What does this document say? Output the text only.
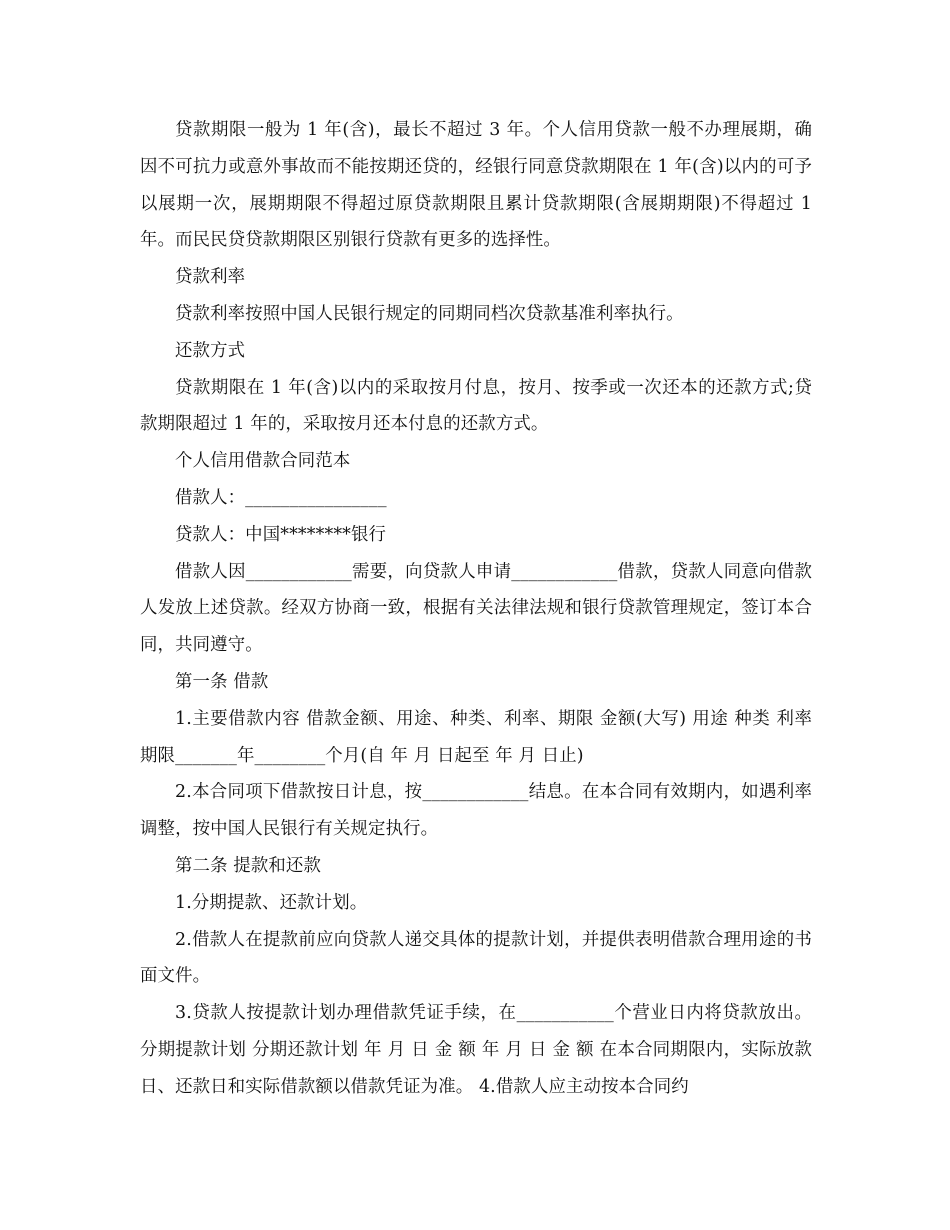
贷款期限一般为 1 年(含)，最长不超过 3 年。个人信用贷款一般不办理展期，确因不可抗力或意外事故而不能按期还贷的，经银行同意贷款期限在 1 年(含)以内的可予以展期一次，展期期限不得超过原贷款期限且累计贷款期限(含展期期限)不得超过 1 年。而民民贷贷款期限区别银行贷款有更多的选择性。

贷款利率

贷款利率按照中国人民银行规定的同期同档次贷款基准利率执行。

还款方式

贷款期限在 1 年(含)以内的采取按月付息，按月、按季或一次还本的还款方式;贷款期限超过 1 年的，采取按月还本付息的还款方式。

个人信用借款合同范本

借款人：________________

贷款人：中国********银行

借款人因____________需要，向贷款人申请____________借款，贷款人同意向借款人发放上述贷款。经双方协商一致，根据有关法律法规和银行贷款管理规定，签订本合同，共同遵守。

第一条 借款

1.主要借款内容 借款金额、用途、种类、利率、期限 金额(大写) 用途 种类 利率 期限_______年________个月(自 年 月 日起至 年 月 日止)

2.本合同项下借款按日计息，按____________结息。在本合同有效期内，如遇利率调整，按中国人民银行有关规定执行。

第二条 提款和还款

1.分期提款、还款计划。

2.借款人在提款前应向贷款人递交具体的提款计划，并提供表明借款合理用途的书面文件。

3.贷款人按提款计划办理借款凭证手续，在___________个营业日内将贷款放出。 分期提款计划 分期还款计划 年 月 日 金 额 年 月 日 金 额 在本合同期限内，实际放款日、还款日和实际借款额以借款凭证为准。 4.借款人应主动按本合同约
